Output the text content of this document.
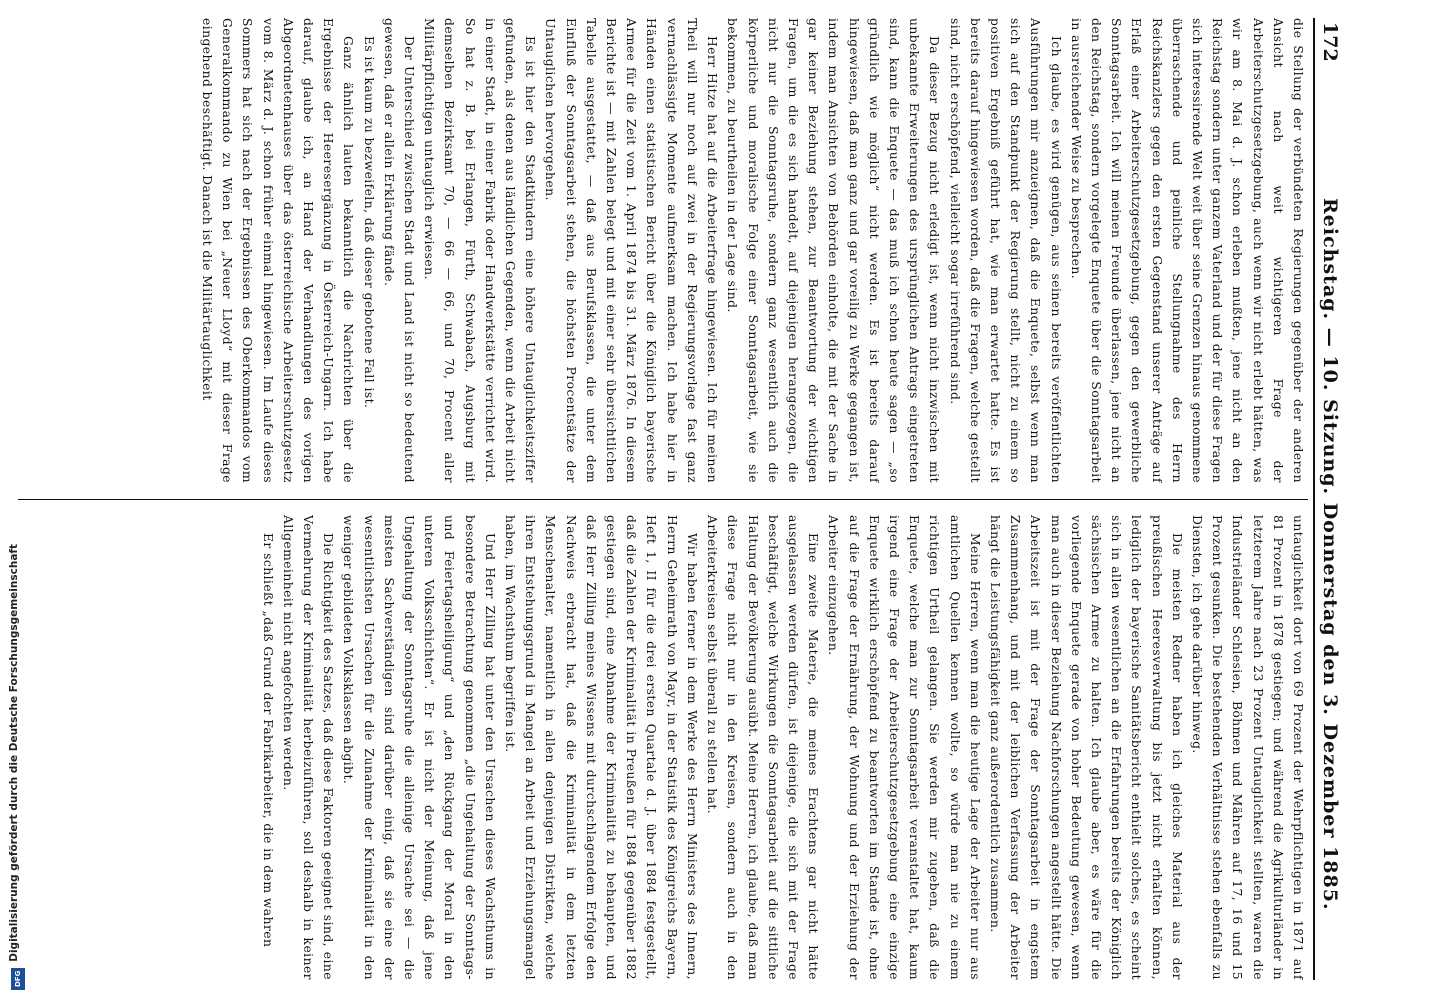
172
Reichstag. — 10. Sitzung. Donnerstag den 3. Dezember 1885.

die Stellung der verbündeten Regierungen gegenüber der anderen Ansicht nach weit wichtigeren Frage der Arbeiterschutzgesetzgebung, auch wenn wir nicht erlebt hätten, was wir am 8. Mai d. J. schon erleben mußten, jene nicht an den Reichstag sondern unter ganzem Vaterland und der für diese Fragen sich interessirende Welt weit über seine Grenzen hinaus genommene überraschende und peinliche Stellungnahme des Herrn Reichskanzlers gegen den ersten Gegenstand unserer Anträge auf Erlaß einer Arbeiterschutzgesetzgebung, gegen den gewerbliche Sonntagsarbeit. Ich will meinen Freunde überlassen, jene nicht an den Reichstag, sondern vorgelegte Enquete über die Sonntagsarbeit in ausreichender Weise zu besprechen.

Ich glaube, es wird genügen, aus seinen bereits veröffentlichten Ausführungen mir anzueignen, daß die Enquete, selbst wenn man sich auf den Standpunkt der Regierung stellt, nicht zu einem so positiven Ergebniß geführt hat, wie man erwartet hatte. Es ist bereits darauf hingewiesen worden, daß die Fragen, welche gestellt sind, nicht erschöpfend, vielleicht sogar irreführend sind.

Da dieser Bezug nicht erledigt ist, wenn nicht inzwischen mit unbekannte Erweiterungen des ursprünglichen Antrags eingetreten sind, kann die Enquete — das muß ich schon heute sagen — „so gründlich wie möglich“ nicht werden. Es ist bereits darauf hingewiesen, daß man ganz und gar voreilig zu Werke gegangen ist, indem man Ansichten von Behörden einholte, die mit der Sache in gar keiner Beziehung stehen, zur Beantwortung der wichtigen Fragen, um die es sich handelt, auf diejenigen herangezogen, die nicht nur die Sonntagsruhe, sondern ganz wesentlich auch die körperliche und moralische Folge einer Sonntagsarbeit, wie sie bekommen, zu beurtheilen in der Lage sind.

Herr Hitze hat auf die Arbeiterfrage hingewiesen. Ich für meinen Theil will nur noch auf zwei in der Regierungsvorlage fast ganz vernachlässigte Momente aufmerksam machen. Ich habe hier in Händen einen statistischen Bericht über die Königlich bayerische Armee für die Zeit vom 1. April 1874 bis 31. März 1876. In diesem Berichte ist — mit Zahlen belegt und mit einer sehr übersichtlichen Tabelle ausgestattet, — daß aus Berufsklassen, die unter dem Einfluß der Sonntagsarbeit stehen, die höchsten Procentsätze der Untauglichen hervorgehen.

Es ist hier den Stadtkindern eine höhere Untauglichkeitsziffer gefunden, als denen aus ländlichen Gegenden, wenn die Arbeit nicht in einer Stadt, in einer Fabrik oder Handwerkstätte verrichtet wird. So hat z. B. bei Erlangen, Fürth, Schwabach, Augsburg mit demselben Bezirksamt 70, — 66 — 66, und 70, Procent aller Militärpflichtigen untauglich erwiesen.

Der Unterschied zwischen Stadt und Land ist nicht so bedeutend gewesen, daß er allein Erklärung fände.

Es ist kaum zu bezweifeln, daß dieser gebotene Fall ist.

Ganz ähnlich lauten bekanntlich die Nachrichten über die Ergebnisse der Heeresergänzung in Österreich-Ungarn. Ich habe darauf, glaube ich, an Hand der Verhandlungen des vorigen Abgeordnetenhauses über das österreichische Arbeiterschutzgesetz vom 8. März d. J. schon früher einmal hingewiesen. Im Laufe dieses Sommers hat sich nach der Ergebnissen des Oberkommandos vom Generalkommando zu Wien bei „Neuer Lloyd“ mit dieser Frage eingehend beschäftigt. Danach ist die Militärtauglichkeit

untauglichkeit dort von 69 Prozent der Wehrpflichtigen in 1871 auf 81 Prozent in 1878 gestiegen; und während die Agrikulturländer in letzterem Jahre nach 23 Prozent Untauglichkeit stellten, waren die Industrieländer Schlesien, Böhmen und Mähren auf 17, 16 und 15 Prozent gesunken. Die bestehenden Verhältnisse stehen ebenfalls zu Diensten, ich gehe darüber hinweg.

Die meisten Redner haben ich gleiches Material aus der preußischen Heeresverwaltung bis jetzt nicht erhalten können, lediglich der bayerische Sanitätsbericht enthielt solches, es scheint sich in allen wesentlichen an die Erfahrungen bereits der Königlich sächsischen Armee zu halten. Ich glaube aber, es wäre für die vorliegende Enquete gerade von hoher Bedeutung gewesen, wenn man auch in dieser Beziehung Nachforschungen angestellt hätte. Die Arbeitszeit ist mit der Frage der Sonntagsarbeit in engstem Zusammenhang, und mit der leiblichen Verfassung der Arbeiter hängt die Leistungsfähigkeit ganz außerordentlich zusammen.

Meine Herren, wenn man die heutige Lage der Arbeiter nur aus amtlichen Quellen kennen wollte, so würde man nie zu einem richtigen Urtheil gelangen. Sie werden mir zugeben, daß die Enquete, welche man zur Sonntagsarbeit veranstaltet hat, kaum irgend eine Frage der Arbeiterschutzgesetzgebung eine einzige Enquete wirklich erschöpfend zu beantworten im Stande ist, ohne auf die Frage der Ernährung, der Wohnung und der Erziehung der Arbeiter einzugehen.

Eine zweite Materie, die meines Erachtens gar nicht hätte ausgelassen werden dürfen, ist diejenige, die sich mit der Frage beschäftigt, welche Wirkungen die Sonntagsarbeit auf die sittliche Haltung der Bevölkerung ausübt. Meine Herren, ich glaube, daß man diese Frage nicht nur in den Kreisen, sondern auch in den Arbeiterkreisen selbst überall zu stellen hat.

Wir haben ferner in dem Werke des Herrn Ministers des Innern, Herrn Geheimrath von Mayr, in der Statistik des Königreichs Bayern, Heft 1, II für die drei ersten Quartale d. J. über 1884 festgestellt, daß die Zahlen der Kriminalität in Preußen für 1884 gegenüber 1882 gestiegen sind, eine Abnahme der Kriminalität zu behaupten, und daß Herr Zilling meines Wissens mit durchschlagendem Erfolge den Nachweis erbracht hat, daß die Kriminalität in dem letzten Menschenalter, namentlich in allen denjenigen Distrikten, welche ihren Entstehungsgrund in Mangel an Arbeit und Erziehungsmangel haben, im Wachsthum begriffen ist.

Und Herr Zilling hat unter den Ursachen dieses Wachsthums in besondere Betrachtung genommen „die Ungehaltung der Sonntags- und Feiertagsheiligung“ und „den Rückgang der Moral in den unteren Volksschichten“. Er ist nicht der Meinung, daß jene Ungehaltung der Sonntagsruhe die alleinige Ursache sei — die meisten Sachverständigen sind darüber einig, daß sie eine der wesentlichsten Ursachen für die Zunahme der Kriminalität in den weniger gebildeten Volksklassen abgibt.

Die Richtigkeit des Satzes, daß diese Faktoren geeignet sind, eine Vermehrung der Kriminalität herbeizuführen, soll deshalb in keiner Allgemeinheit nicht angefochten werden.

Er schließt „daß Grund der Fabrikarbeiter, die in dem wahren

Digitalisierung gefördert durch die Deutsche Forschungsgemeinschaft
DFG
